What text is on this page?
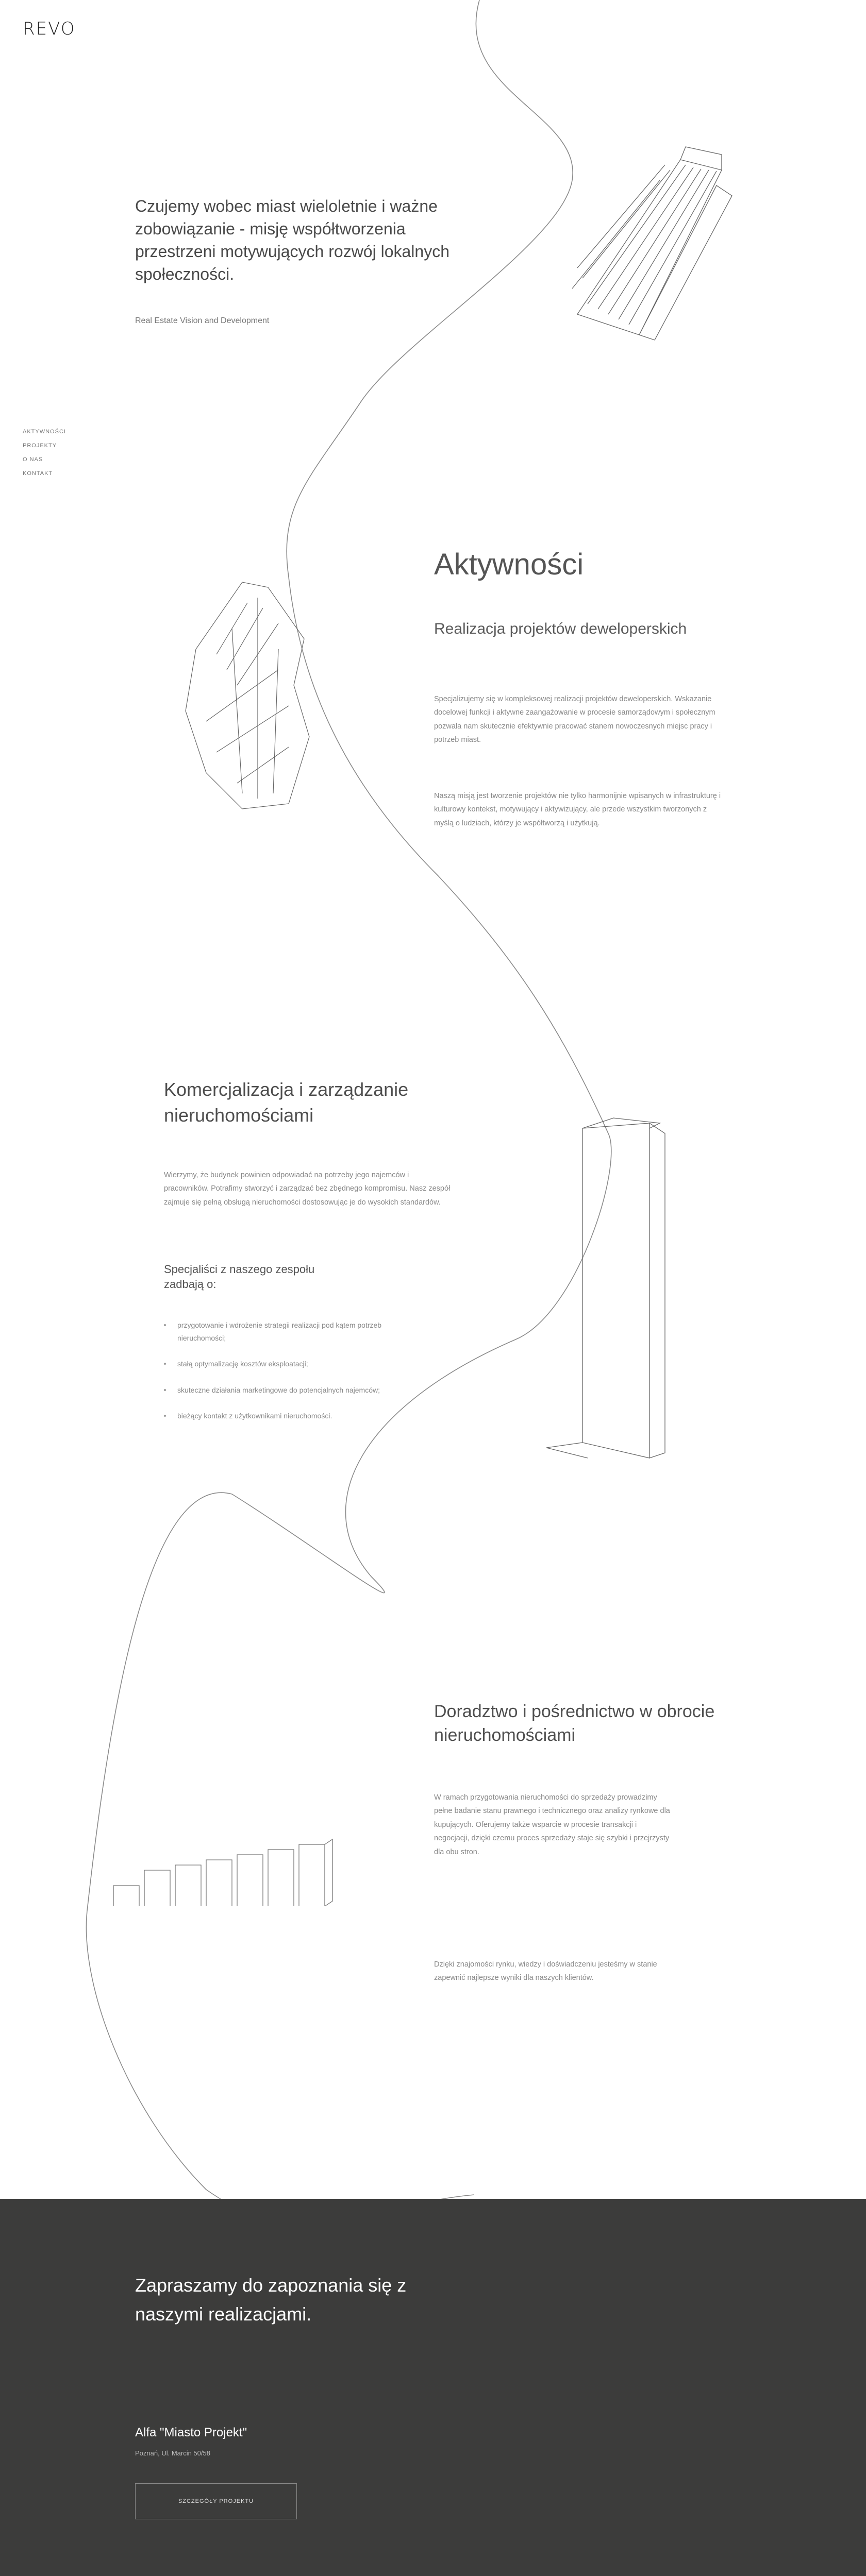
REVO
AKTYWNOŚCI
PROJEKTY
O NAS
KONTAKT
Czujemy wobec miast wieloletnie i ważne zobowiązanie - misję współtworzenia przestrzeni motywujących rozwój lokalnych społeczności.
Real Estate Vision and Development
Aktywności
Realizacja projektów deweloperskich
Specjalizujemy się w kompleksowej realizacji projektów deweloperskich. Wskazanie docelowej funkcji i aktywne zaangażowanie w procesie samorządowym i społecznym pozwala nam skutecznie efektywnie pracować stanem nowoczesnych miejsc pracy i potrzeb miast.
Naszą misją jest tworzenie projektów nie tylko harmonijnie wpisanych w infrastrukturę i kulturowy kontekst, motywujący i aktywizujący, ale przede wszystkim tworzonych z myślą o ludziach, którzy je współtworzą i użytkują.
Komercjalizacja i zarządzanie nieruchomościami
Wierzymy, że budynek powinien odpowiadać na potrzeby jego najemców i pracowników. Potrafimy stworzyć i zarządzać bez zbędnego kompromisu. Nasz zespół zajmuje się pełną obsługą nieruchomości dostosowując je do wysokich standardów.
Specjaliści z naszego zespołu zadbają o:
przygotowanie i wdrożenie strategii realizacji pod kątem potrzeb nieruchomości;
stałą optymalizację kosztów eksploatacji;
skuteczne działania marketingowe do potencjalnych najemców;
bieżący kontakt z użytkownikami nieruchomości.
Doradztwo i pośrednictwo w obrocie nieruchomościami
W ramach przygotowania nieruchomości do sprzedaży prowadzimy pełne badanie stanu prawnego i technicznego oraz analizy rynkowe dla kupujących. Oferujemy także wsparcie w procesie transakcji i negocjacji, dzięki czemu proces sprzedaży staje się szybki i przejrzysty dla obu stron.
Dzięki znajomości rynku, wiedzy i doświadczeniu jesteśmy w stanie zapewnić najlepsze wyniki dla naszych klientów.
Zapraszamy do zapoznania się z naszymi realizacjami.
Alfa "Miasto Projekt"
Poznań, Ul. Marcin 50/58
SZCZEGÓŁY PROJEKTU
